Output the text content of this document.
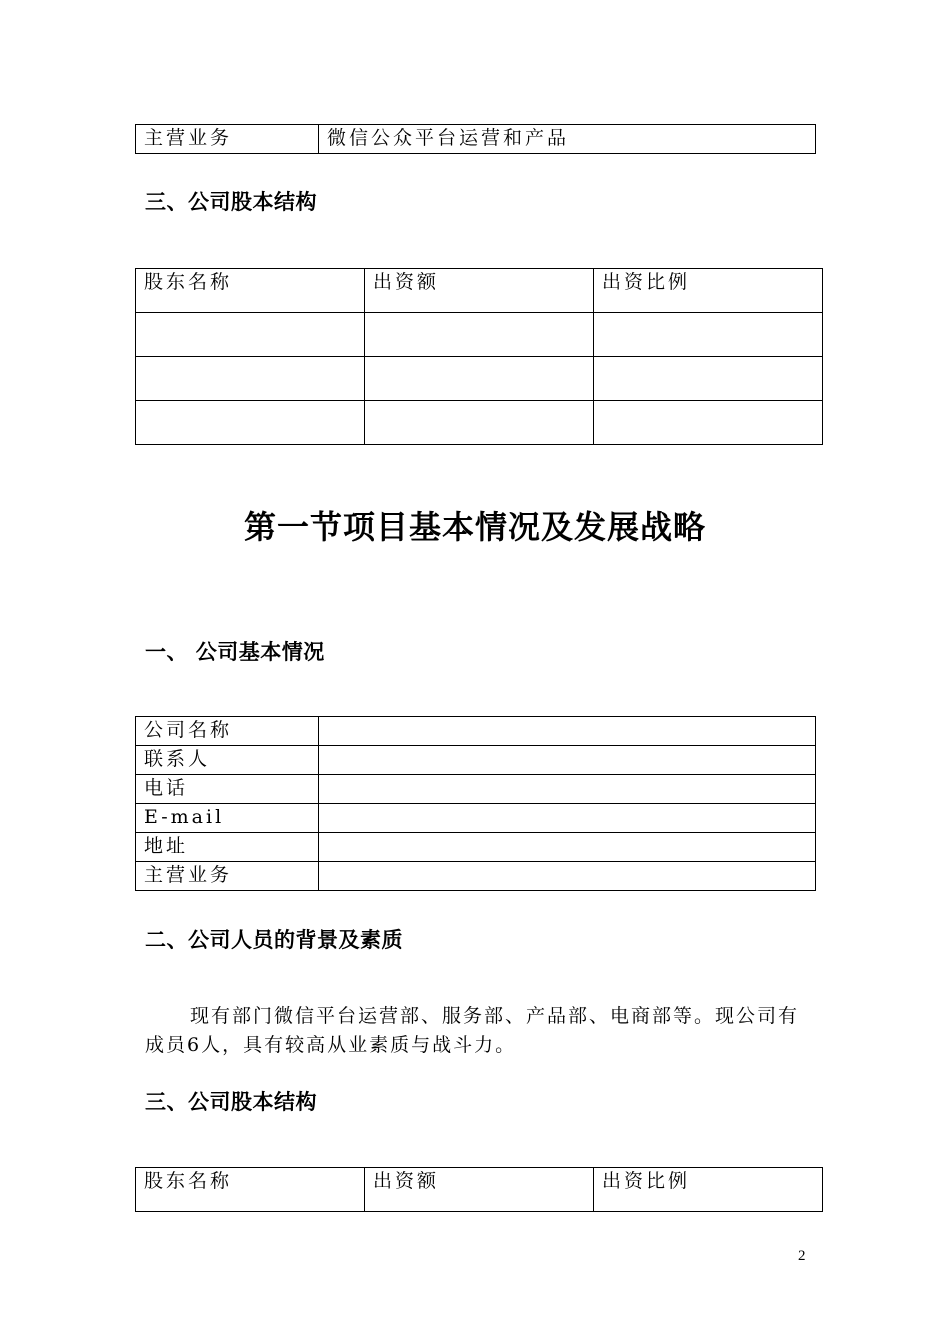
主营业务	微信公众平台运营和产品
三、公司股本结构
股东名称	出资额	出资比例

第一节项目基本情况及发展战略
一、 公司基本情况
公司名称	
联系人	
电话	
E-mail	
地址	
主营业务	
二、公司人员的背景及素质
现有部门微信平台运营部、服务部、产品部、电商部等。现公司有
成员6人，具有较高从业素质与战斗力。
三、公司股本结构
股东名称	出资额	出资比例
2
